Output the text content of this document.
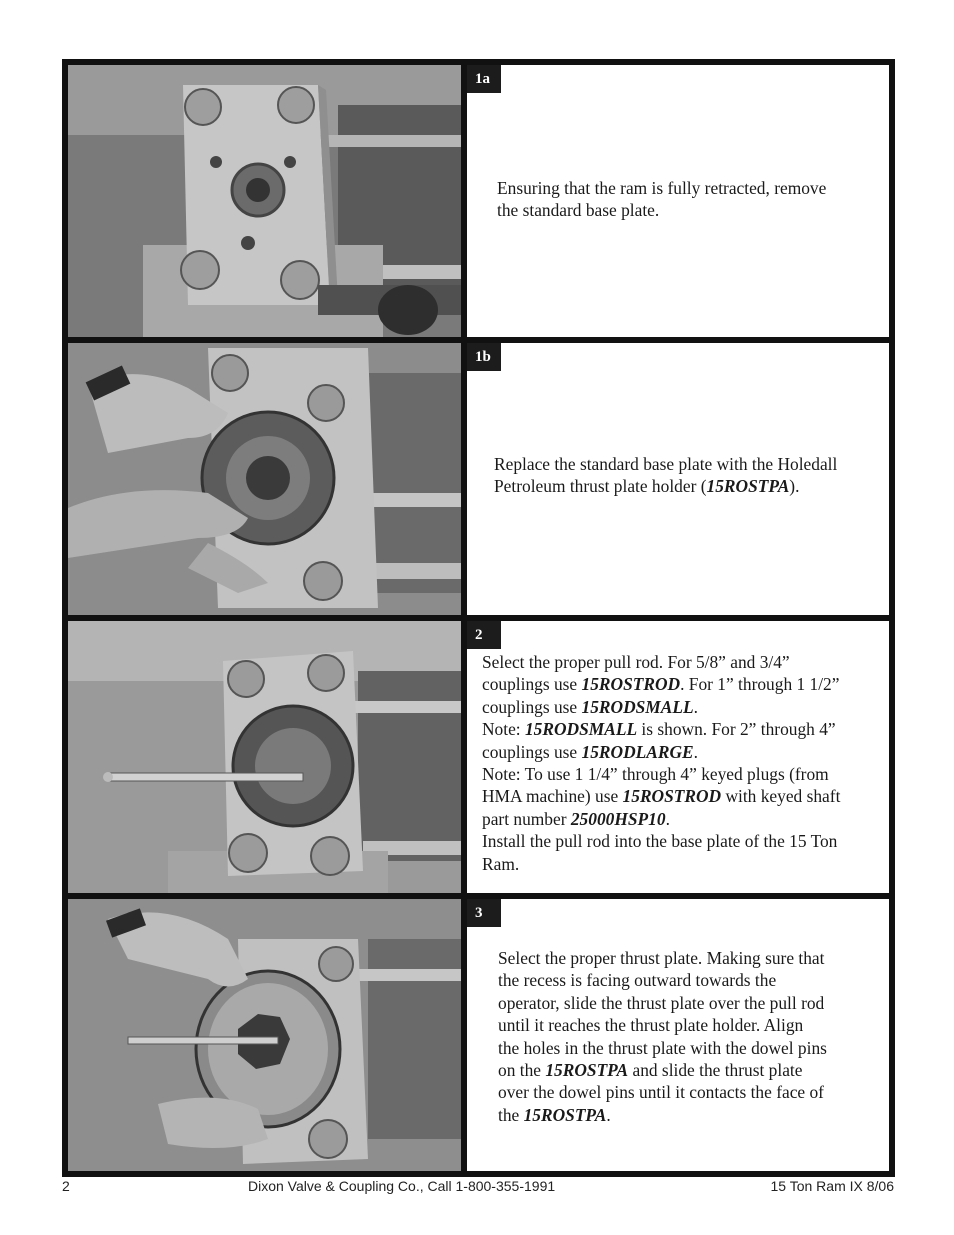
1a

Ensuring that the ram is fully retracted, remove

the standard base plate.

1b

Replace the standard base plate with the Holedall

Petroleum thrust plate holder (15ROSTPA).

2

Select the proper pull rod. For 5/8” and 3/4”

couplings use 15ROSTROD. For 1” through 1 1/2”

couplings use 15RODSMALL.

Note: 15RODSMALL is shown. For 2” through 4”

couplings use 15RODLARGE.

Note: To use 1 1/4” through 4” keyed plugs (from

HMA machine) use 15ROSTROD with keyed shaft

part number 25000HSP10.

Install the pull rod into the base plate of the 15 Ton

Ram.

3

Select the proper thrust plate. Making sure that

the recess is facing outward towards the

operator, slide the thrust plate over the pull rod

until it reaches the thrust plate holder. Align

the holes in the thrust plate with the dowel pins

on the 15ROSTPA and slide the thrust plate

over the dowel pins until it contacts the face of

the 15ROSTPA.

2	Dixon Valve & Coupling Co., Call 1-800-355-1991	15 Ton Ram IX 8/06
